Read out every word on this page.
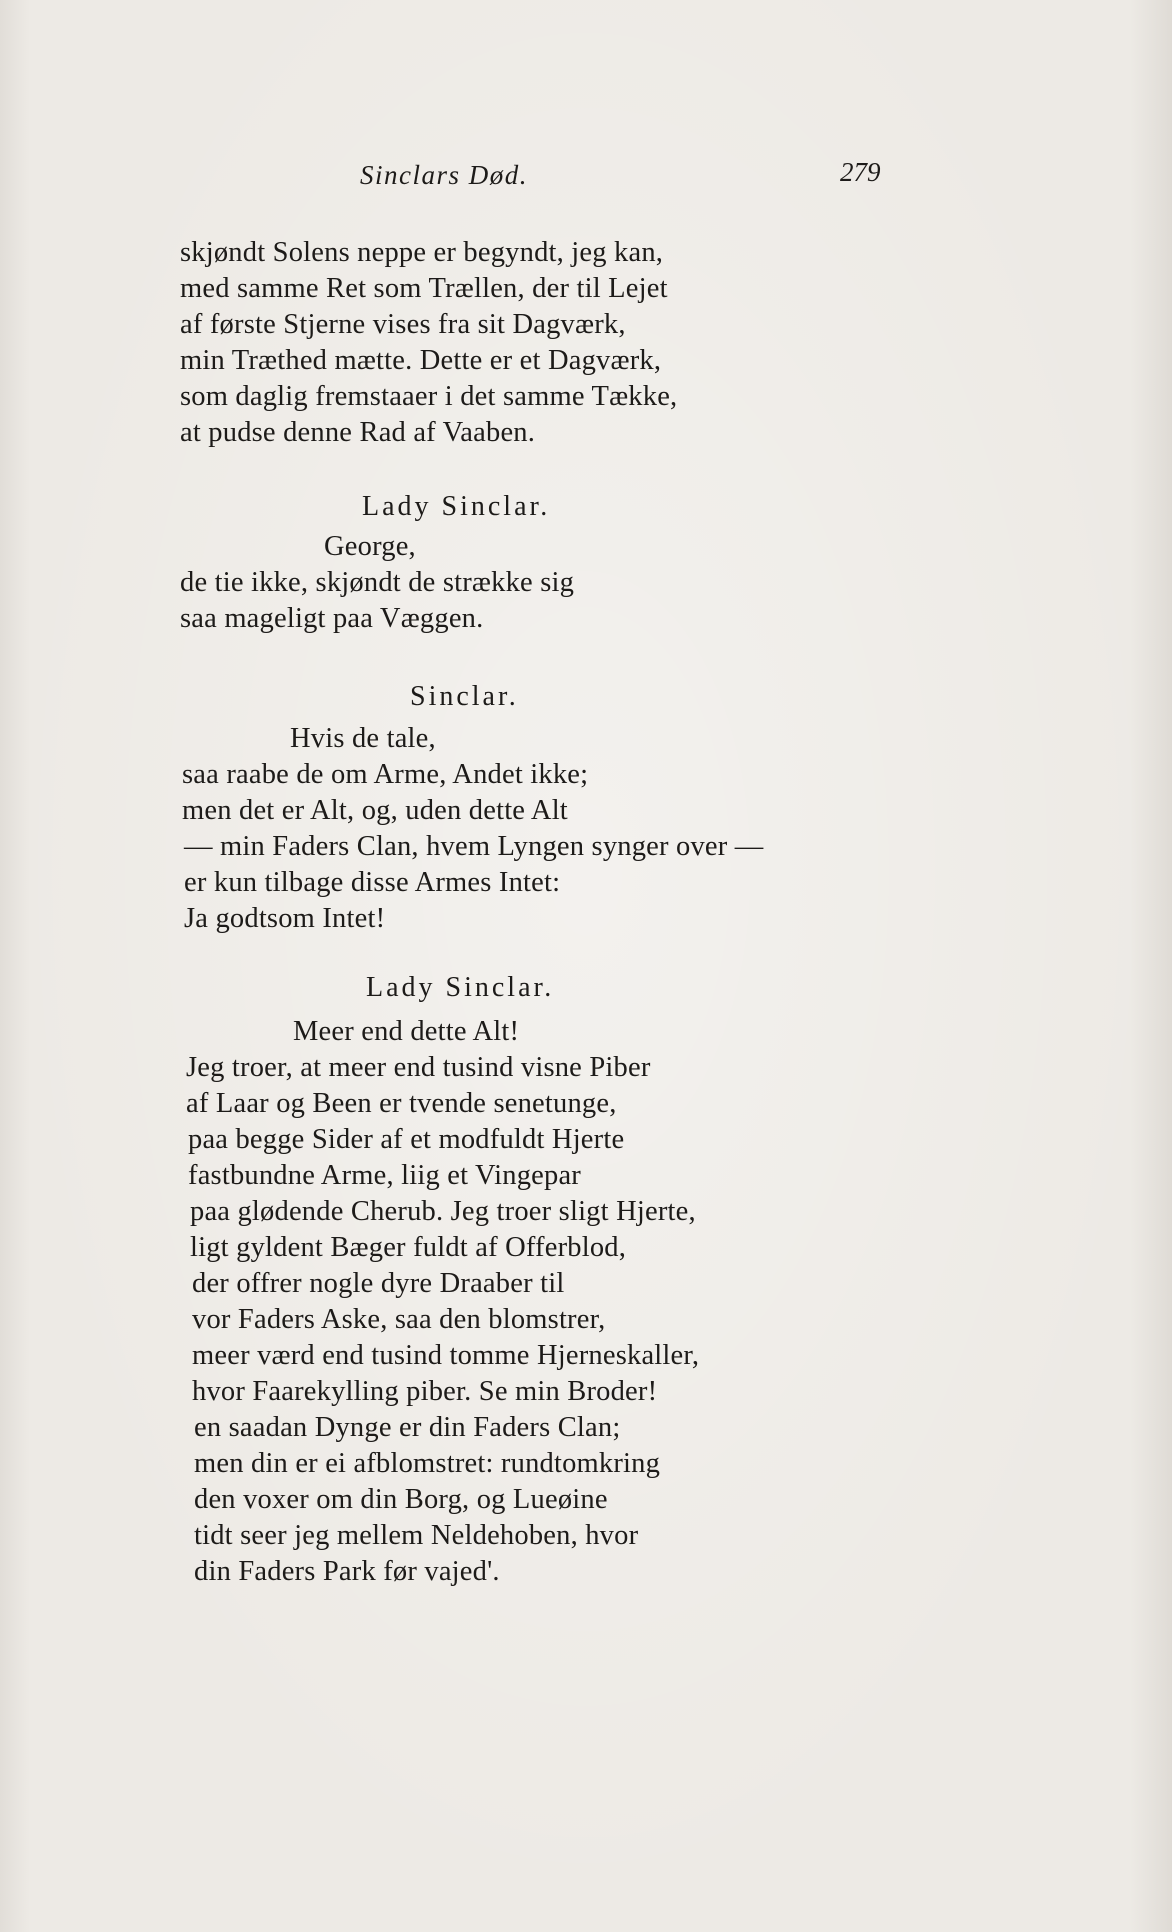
Sinclars Død.	279
skjøndt Solens neppe er begyndt, jeg kan,
med samme Ret som Trællen, der til Lejet
af første Stjerne vises fra sit Dagværk,
min Træthed mætte. Dette er et Dagværk,
som daglig fremstaaer i det samme Tække,
at pudse denne Rad af Vaaben.
Lady Sinclar.
George,
de tie ikke, skjøndt de strække sig
saa mageligt paa Væggen.
Sinclar.
Hvis de tale,
saa raabe de om Arme, Andet ikke;
men det er Alt, og, uden dette Alt
— min Faders Clan, hvem Lyngen synger over —
er kun tilbage disse Armes Intet:
Ja godtsom Intet!
Lady Sinclar.
Meer end dette Alt!
Jeg troer, at meer end tusind visne Piber
af Laar og Been er tvende senetunge,
paa begge Sider af et modfuldt Hjerte
fastbundne Arme, liig et Vingepar
paa glødende Cherub. Jeg troer sligt Hjerte,
ligt gyldent Bæger fuldt af Offerblod,
der offrer nogle dyre Draaber til
vor Faders Aske, saa den blomstrer,
meer værd end tusind tomme Hjerneskaller,
hvor Faarekylling piber. Se min Broder!
en saadan Dynge er din Faders Clan;
men din er ei afblomstret: rundtomkring
den voxer om din Borg, og Lueøine
tidt seer jeg mellem Neldehoben, hvor
din Faders Park før vajed'.
